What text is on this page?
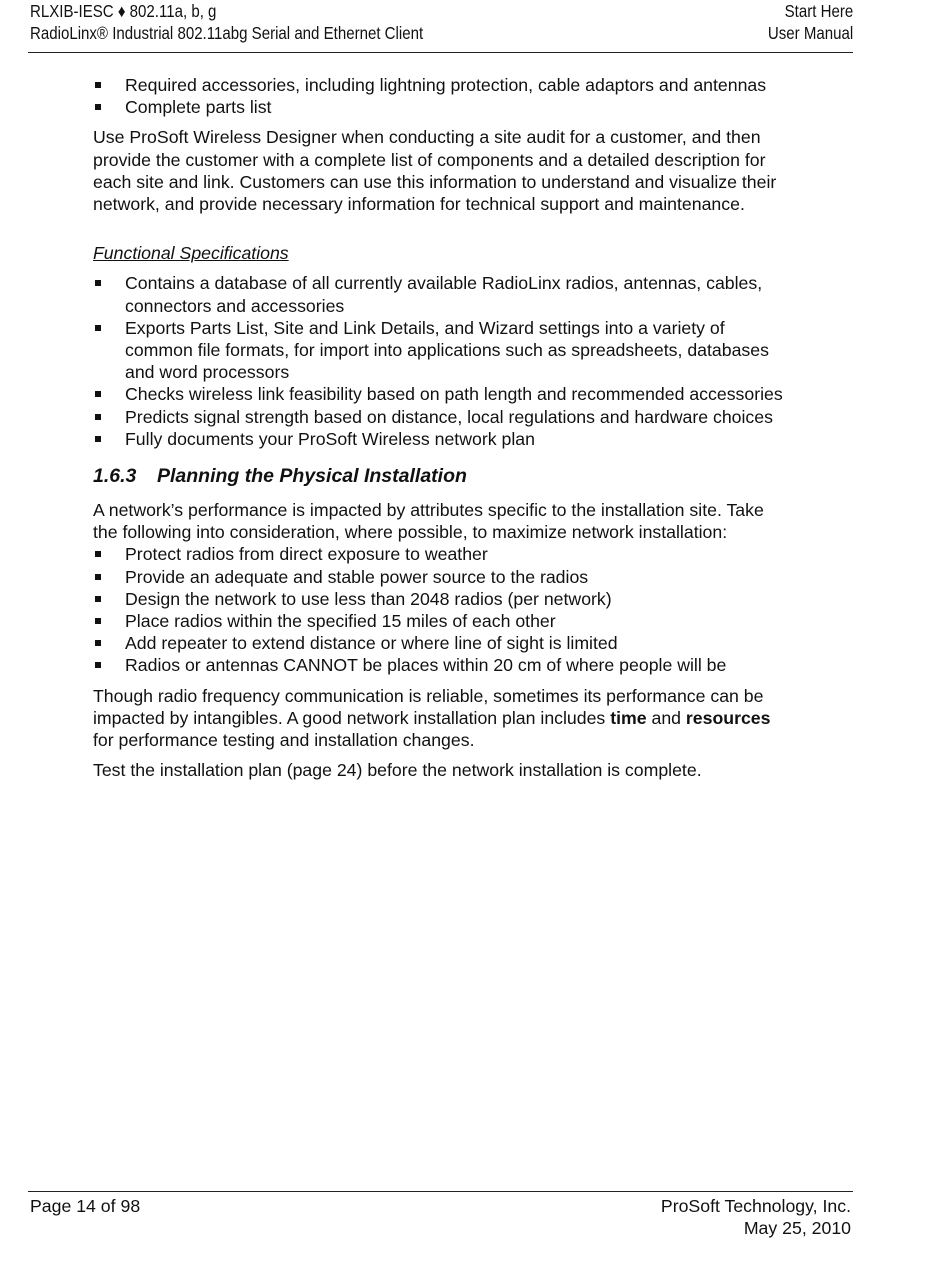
RLXIB-IESC ♦ 802.11a, b, g
RadioLinx® Industrial 802.11abg Serial and Ethernet Client
Start Here
User Manual
Required accessories, including lightning protection, cable adaptors and antennas
Complete parts list

Use ProSoft Wireless Designer when conducting a site audit for a customer, and then provide the customer with a complete list of components and a detailed description for each site and link. Customers can use this information to understand and visualize their network, and provide necessary information for technical support and maintenance.

Functional Specifications

Contains a database of all currently available RadioLinx radios, antennas, cables, connectors and accessories
Exports Parts List, Site and Link Details, and Wizard settings into a variety of common file formats, for import into applications such as spreadsheets, databases and word processors
Checks wireless link feasibility based on path length and recommended accessories
Predicts signal strength based on distance, local regulations and hardware choices
Fully documents your ProSoft Wireless network plan
1.6.3 Planning the Physical Installation

A network’s performance is impacted by attributes specific to the installation site. Take the following into consideration, where possible, to maximize network installation:

Protect radios from direct exposure to weather
Provide an adequate and stable power source to the radios
Design the network to use less than 2048 radios (per network)
Place radios within the specified 15 miles of each other
Add repeater to extend distance or where line of sight is limited
Radios or antennas CANNOT be places within 20 cm of where people will be

Though radio frequency communication is reliable, sometimes its performance can be impacted by intangibles. A good network installation plan includes time and resources for performance testing and installation changes.

Test the installation plan (page 24) before the network installation is complete.

Page 14 of 98	ProSoft Technology, Inc.
May 25, 2010
